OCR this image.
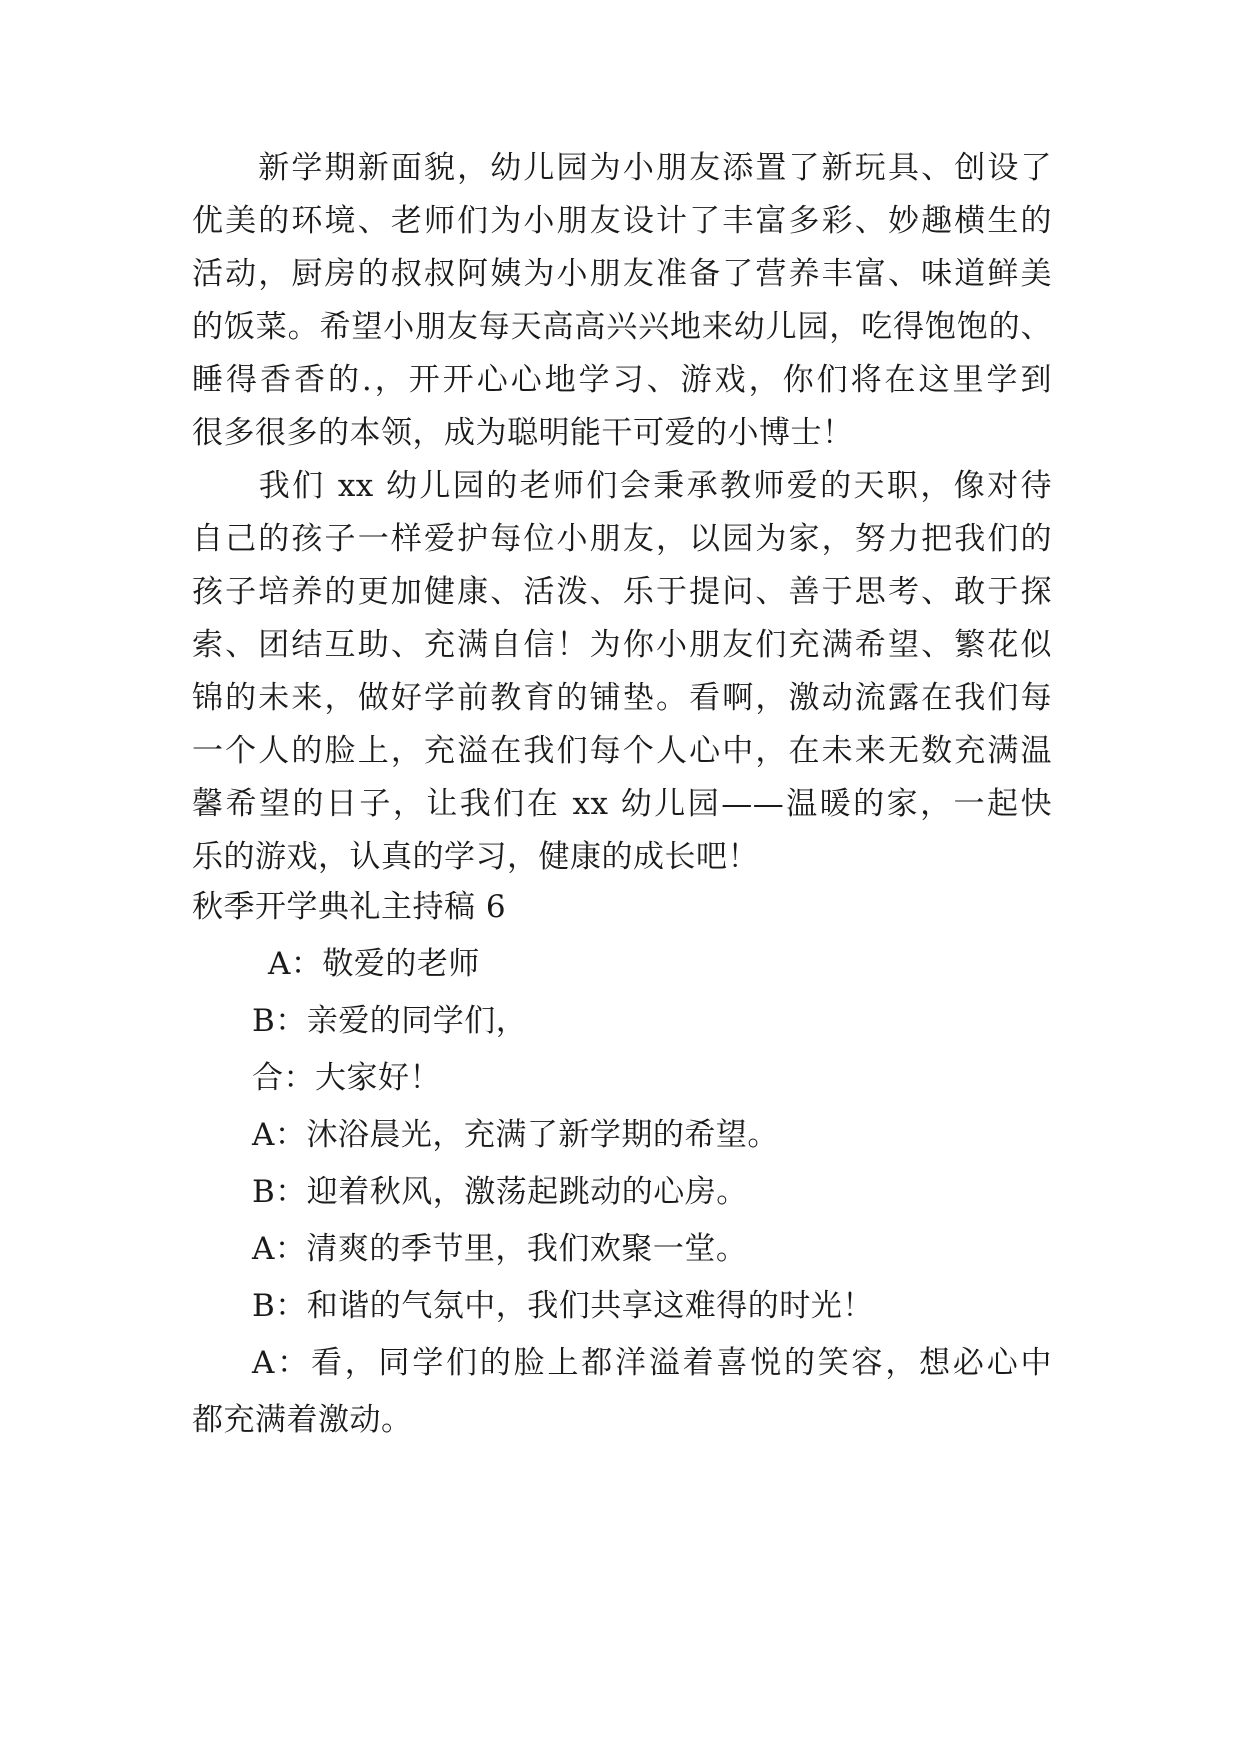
　　新学期新面貌，幼儿园为小朋友添置了新玩具、创设了
优美的环境、老师们为小朋友设计了丰富多彩、妙趣横生的
活动，厨房的叔叔阿姨为小朋友准备了营养丰富、味道鲜美
的饭菜。希望小朋友每天高高兴兴地来幼儿园，吃得饱饱的、
睡得香香的.，开开心心地学习、游戏，你们将在这里学到
很多很多的本领，成为聪明能干可爱的小博士！
　　我们 xx 幼儿园的老师们会秉承教师爱的天职，像对待
自己的孩子一样爱护每位小朋友，以园为家，努力把我们的
孩子培养的更加健康、活泼、乐于提问、善于思考、敢于探
索、团结互助、充满自信！为你小朋友们充满希望、繁花似
锦的未来，做好学前教育的铺垫。看啊，激动流露在我们每
一个人的脸上，充溢在我们每个人心中，在未来无数充满温
馨希望的日子，让我们在 xx 幼儿园——温暖的家，一起快
乐的游戏，认真的学习，健康的成长吧！
秋季开学典礼主持稿 6
A：敬爱的老师
B：亲爱的同学们，
合：大家好！
A：沐浴晨光，充满了新学期的希望。
B：迎着秋风，激荡起跳动的心房。
A：清爽的季节里，我们欢聚一堂。
B：和谐的气氛中，我们共享这难得的时光！
A：看，同学们的脸上都洋溢着喜悦的笑容，想必心中
都充满着激动。
